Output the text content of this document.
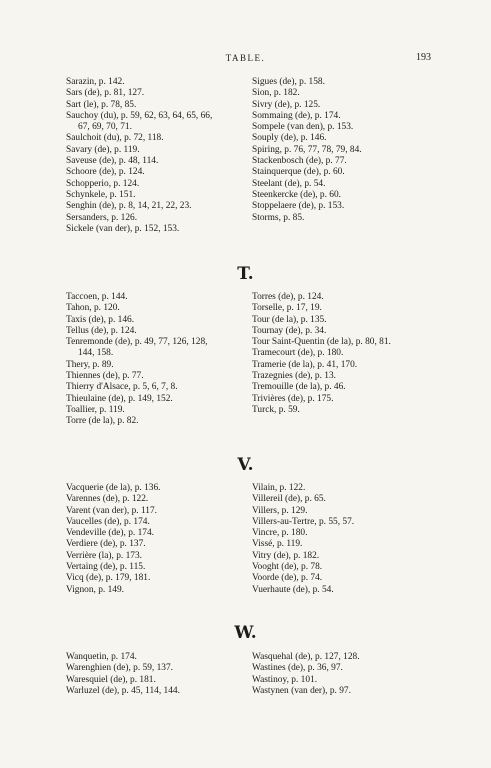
TABLE.	193
Sarazin, p. 142.
Sars (de), p. 81, 127.
Sart (le), p. 78, 85.
Sauchoy (du), p. 59, 62, 63, 64, 65, 66,
67, 69, 70, 71.
Saulchoit (du), p. 72, 118.
Savary (de), p. 119.
Saveuse (de), p. 48, 114.
Schoore (de), p. 124.
Schopperio, p. 124.
Schynkele, p. 151.
Senghin (de), p. 8, 14, 21, 22, 23.
Sersanders, p. 126.
Sickele (van der), p. 152, 153.
Sigues (de), p. 158.
Sion, p. 182.
Sivry (de), p. 125.
Sommaing (de), p. 174.
Sompele (van den), p. 153.
Souply (de), p. 146.
Spiring, p. 76, 77, 78, 79, 84.
Stackenbosch (de), p. 77.
Stainquerque (de), p. 60.
Steelant (de), p. 54.
Steenkercke (de), p. 60.
Stoppelaere (de), p. 153.
Storms, p. 85.
T.
Taccoen, p. 144.
Tahon, p. 120.
Taxis (de), p. 146.
Tellus (de), p. 124.
Tenremonde (de), p. 49, 77, 126, 128,
144, 158.
Thery, p. 89.
Thiennes (de), p. 77.
Thierry d'Alsace, p. 5, 6, 7, 8.
Thieulaine (de), p. 149, 152.
Toallier, p. 119.
Torre (de la), p. 82.
Torres (de), p. 124.
Torselle, p. 17, 19.
Tour (de la), p. 135.
Tournay (de), p. 34.
Tour Saint-Quentin (de la), p. 80, 81.
Tramecourt (de), p. 180.
Tramerie (de la), p. 41, 170.
Trazegnies (de), p. 13.
Tremouille (de la), p. 46.
Trivières (de), p. 175.
Turck, p. 59.
V.
Vacquerie (de la), p. 136.
Varennes (de), p. 122.
Varent (van der), p. 117.
Vaucelles (de), p. 174.
Vendeville (de), p. 174.
Verdiere (de), p. 137.
Verrière (la), p. 173.
Vertaing (de), p. 115.
Vicq (de), p. 179, 181.
Vignon, p. 149.
Vilain, p. 122.
Villereil (de), p. 65.
Villers, p. 129.
Villers-au-Tertre, p. 55, 57.
Vincre, p. 180.
Vissé, p. 119.
Vitry (de), p. 182.
Vooght (de), p. 78.
Voorde (de), p. 74.
Vuerhaute (de), p. 54.
W.
Wanquetin, p. 174.
Warenghien (de), p. 59, 137.
Waresquiel (de), p. 181.
Warluzel (de), p. 45, 114, 144.
Wasquehal (de), p. 127, 128.
Wastines (de), p. 36, 97.
Wastinoy, p. 101.
Wastynen (van der), p. 97.
